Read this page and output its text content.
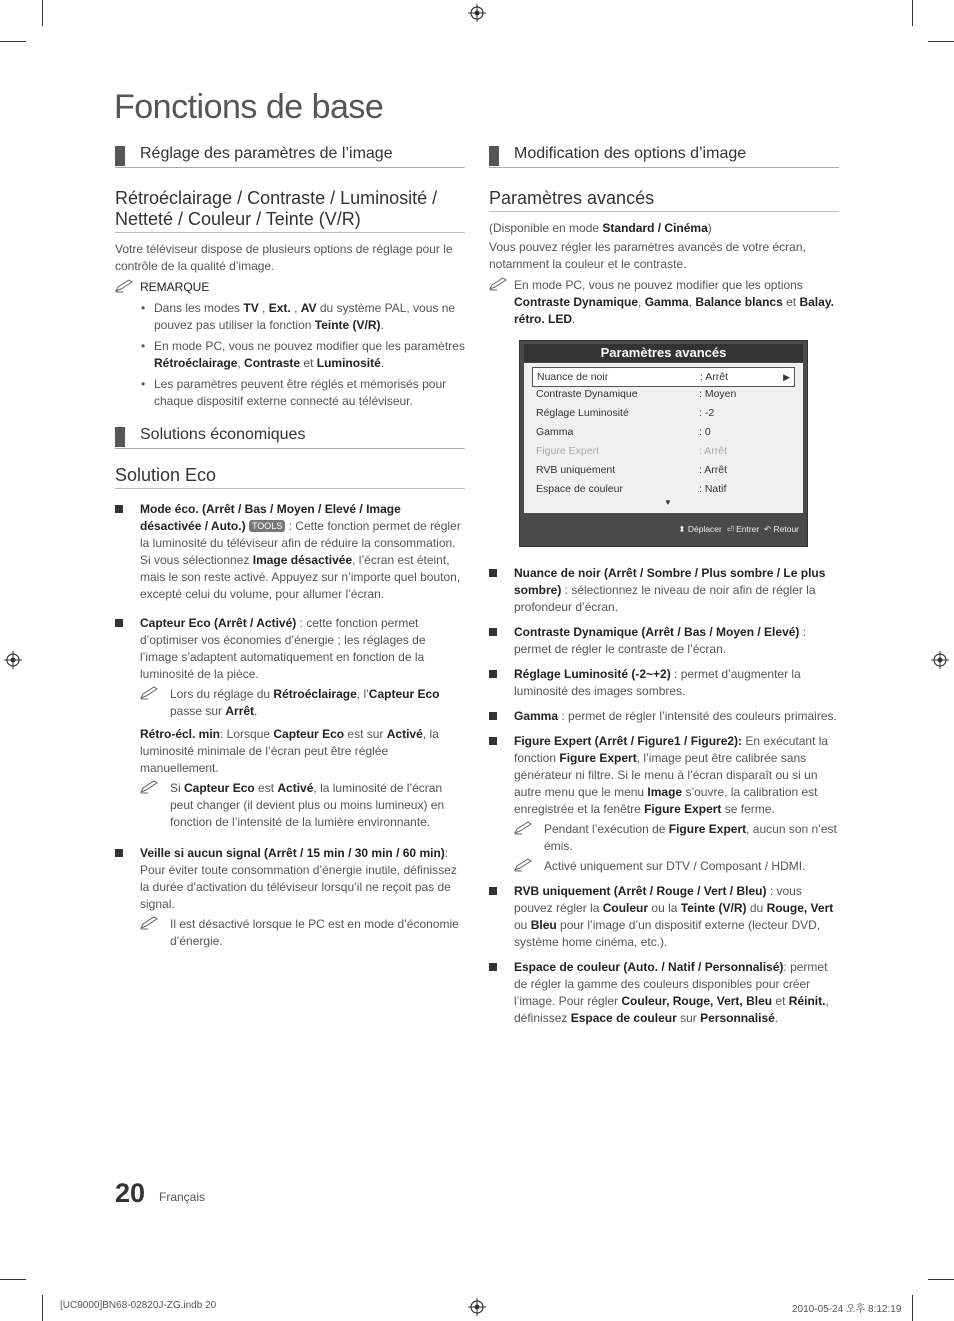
Fonctions de base
Réglage des paramètres de l’image
Rétroéclairage / Contraste / Luminosité / Netteté / Couleur / Teinte (V/R)

Votre téléviseur dispose de plusieurs options de réglage pour le contrôle de la qualité d’image.

REMARQUE
• Dans les modes TV , Ext. , AV du système PAL, vous ne pouvez pas utiliser la fonction Teinte (V/R).
• En mode PC, vous ne pouvez modifier que les paramètres Rétroéclairage, Contraste et Luminosité.
• Les paramètres peuvent être réglés et mémorisés pour chaque dispositif externe connecté au téléviseur.
Solutions économiques
Solution Eco
Mode éco. (Arrêt / Bas / Moyen / Elevé / Image désactivée / Auto.) TOOLS : Cette fonction permet de régler la luminosité du téléviseur afin de réduire la consommation. Si vous sélectionnez Image désactivée, l’écran est éteint, mais le son reste activé. Appuyez sur n’importe quel bouton, excepté celui du volume, pour allumer l’écran.
Capteur Eco (Arrêt / Activé) : cette fonction permet d’optimiser vos économies d’énergie ; les réglages de l’image s’adaptent automatiquement en fonction de la luminosité de la pièce.
Lors du réglage du Rétroéclairage, l’Capteur Eco passe sur Arrêt.
Rétro-écl. min: Lorsque Capteur Eco est sur Activé, la luminosité minimale de l’écran peut être réglée manuellement.
Si Capteur Eco est Activé, la luminosité de l’écran peut changer (il devient plus ou moins lumineux) en fonction de l’intensité de la lumière environnante.
Veille si aucun signal (Arrêt / 15 min / 30 min / 60 min): Pour éviter toute consommation d’énergie inutile, définissez la durée d’activation du téléviseur lorsqu’il ne reçoit pas de signal.
Il est désactivé lorsque le PC est en mode d’économie d’énergie.
Modification des options d’image
Paramètres avancés

(Disponible en mode Standard / Cinéma)

Vous pouvez régler les paramètres avancés de votre écran, notamment la couleur et le contraste.

En mode PC, vous ne pouvez modifier que les options Contraste Dynamique, Gamma, Balance blancs et Balay. rétro. LED.
Paramètres avancés
Nuance de noir	: Arrêt	▶
Contraste Dynamique	: Moyen
Réglage Luminosité	: -2
Gamma	: 0
Figure Expert	: Arrêt
RVB uniquement	: Arrêt
Espace de couleur	: Natif
▼
⬍ Déplacer ⏎ Entrer ↶ Retour
Nuance de noir (Arrêt / Sombre / Plus sombre / Le plus sombre) : sélectionnez le niveau de noir afin de régler la profondeur d’écran.
Contraste Dynamique (Arrêt / Bas / Moyen / Elevé) : permet de régler le contraste de l’écran.
Réglage Luminosité (-2~+2) : permet d’augmenter la luminosité des images sombres.
Gamma : permet de régler l’intensité des couleurs primaires.
Figure Expert (Arrêt / Figure1 / Figure2): En exécutant la fonction Figure Expert, l’image peut être calibrée sans générateur ni filtre. Si le menu à l’écran disparaît ou si un autre menu que le menu Image s’ouvre, la calibration est enregistrée et la fenêtre Figure Expert se ferme.
Pendant l’exécution de Figure Expert, aucun son n’est émis.
Activé uniquement sur DTV / Composant / HDMI.
RVB uniquement (Arrêt / Rouge / Vert / Bleu) : vous pouvez régler la Couleur ou la Teinte (V/R) du Rouge, Vert ou Bleu pour l’image d’un dispositif externe (lecteur DVD, système home cinéma, etc.).
Espace de couleur (Auto. / Natif / Personnalisé): permet de régler la gamme des couleurs disponibles pour créer l’image. Pour régler Couleur, Rouge, Vert, Bleu et Réinit., définissez Espace de couleur sur Personnalisé.
20 Français
[UC9000]BN68-02820J-ZG.indb 20	2010-05-24 오후 8:12:19
